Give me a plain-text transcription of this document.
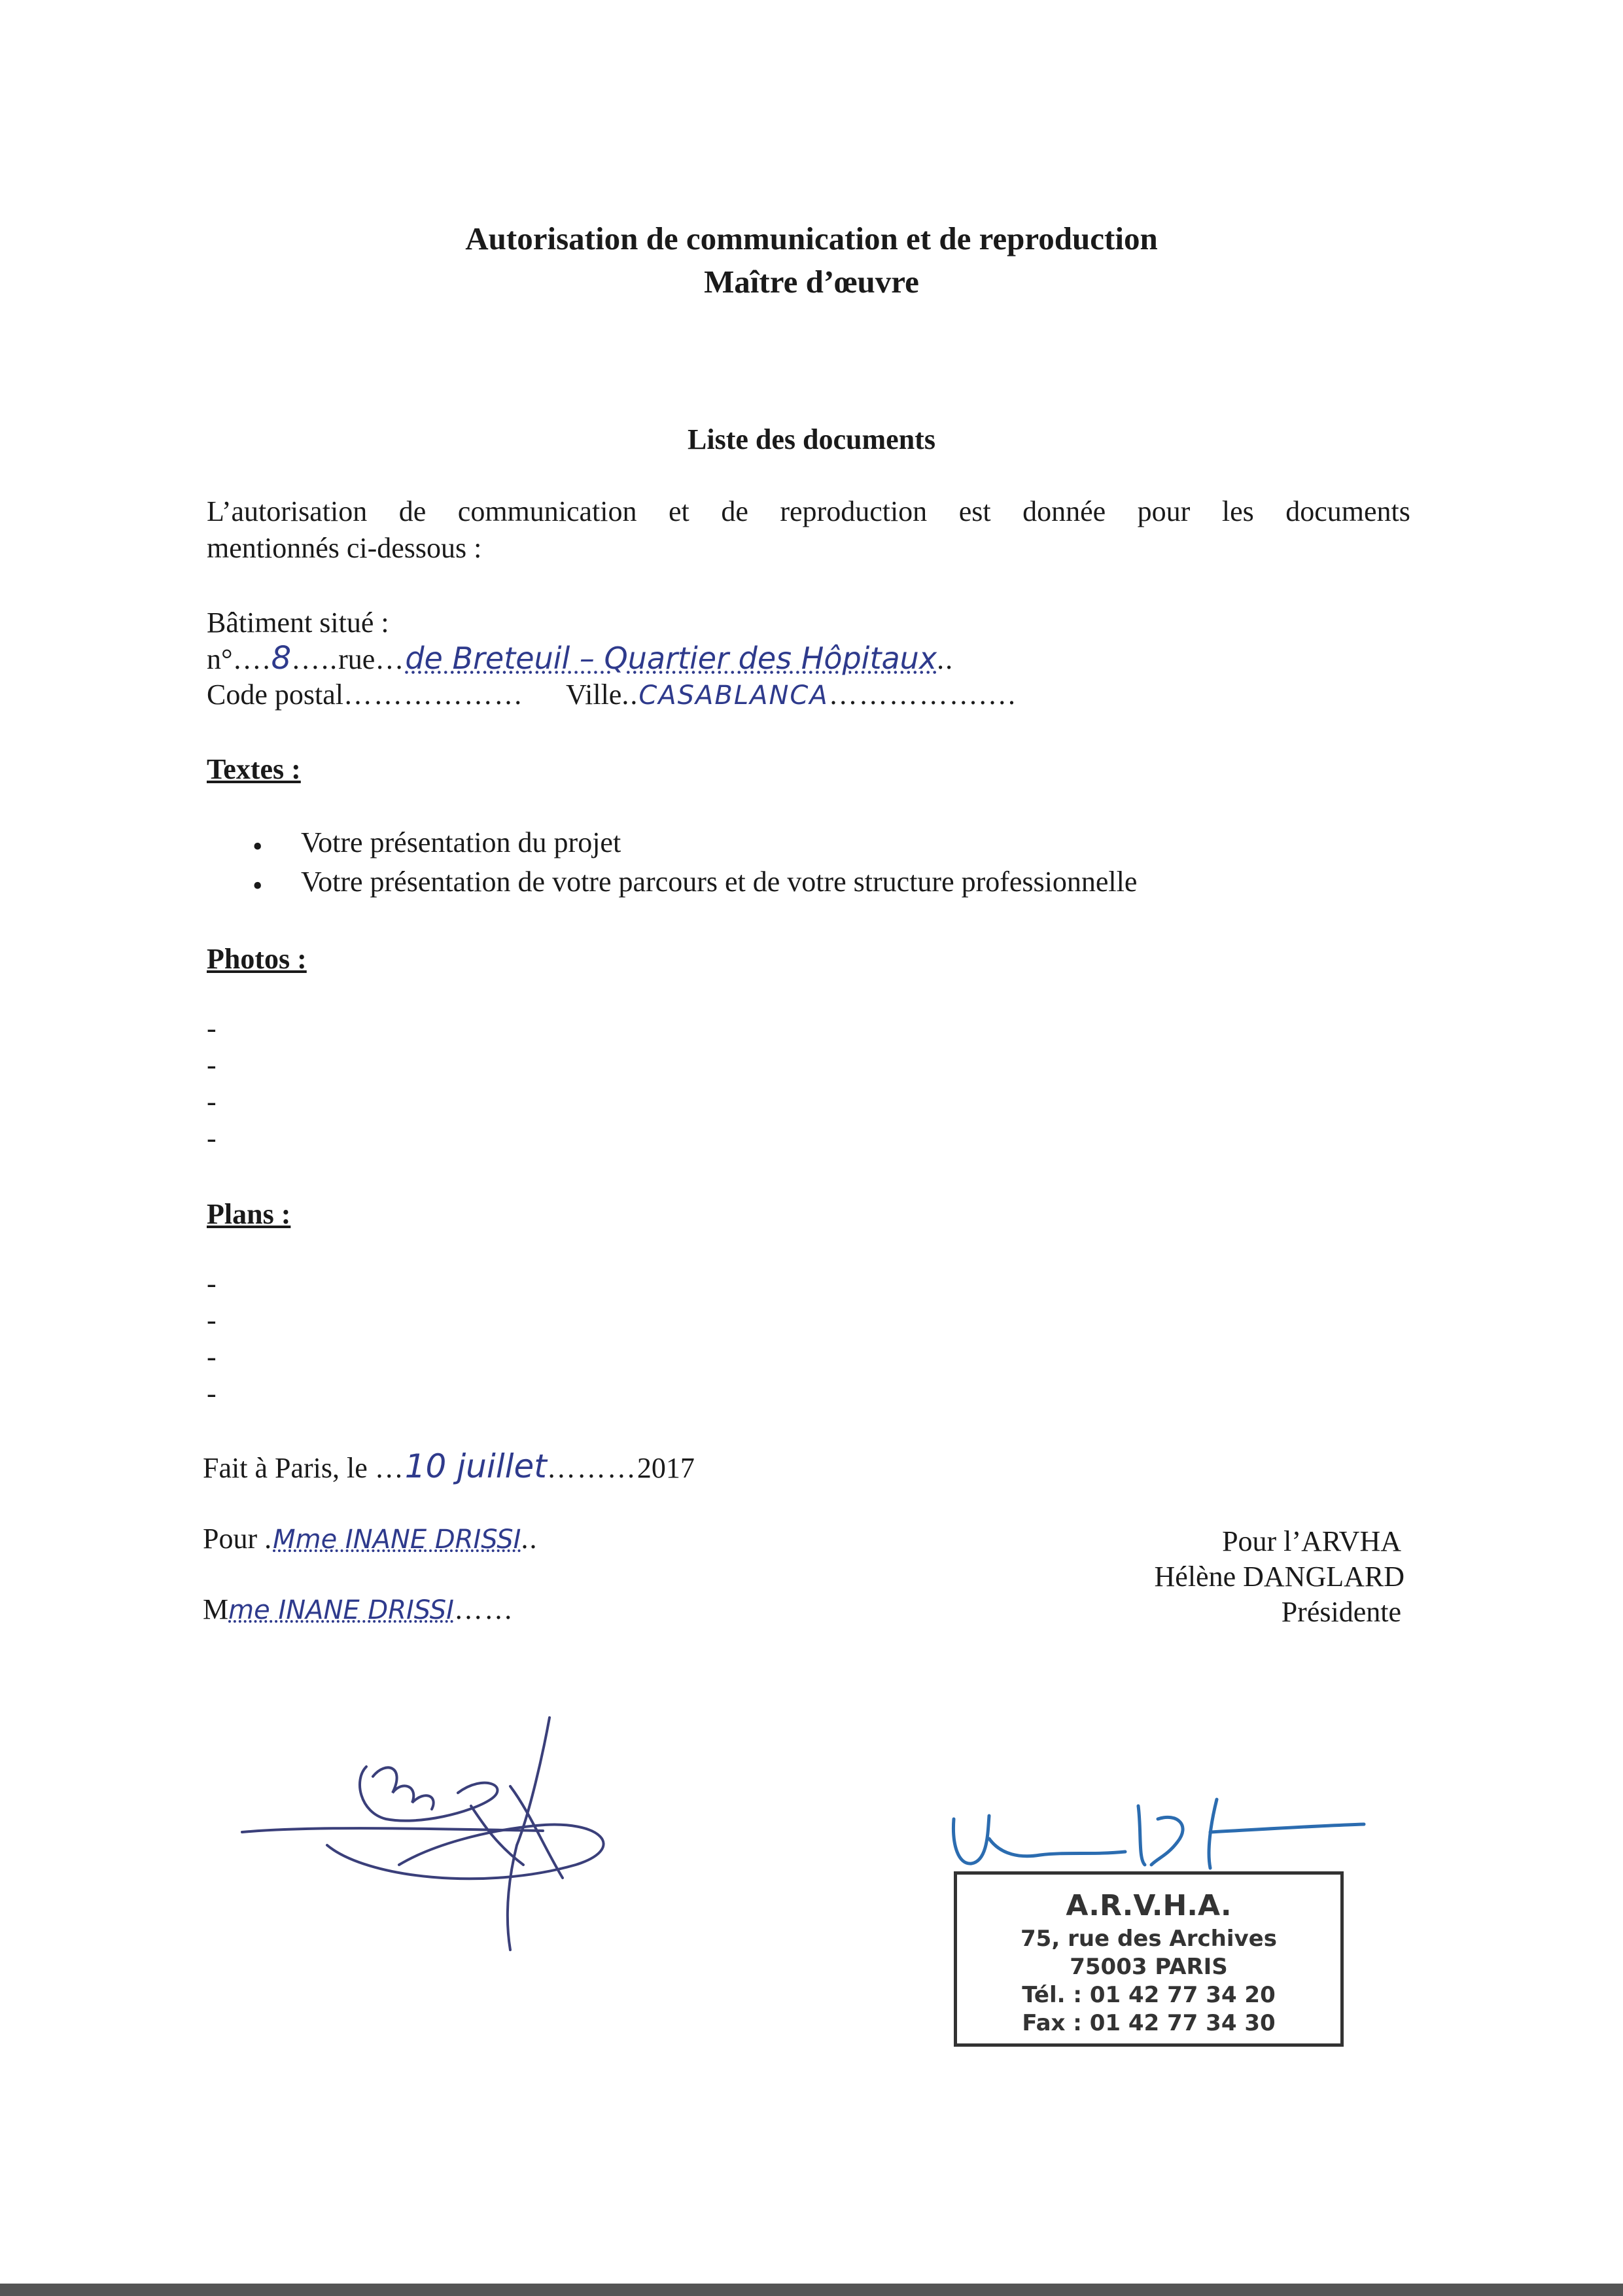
Autorisation de communication et de reproduction
Maître d’œuvre
Liste des documents
L’autorisation de communication et de reproduction est donnée pour les documents
mentionnés ci-dessous :
Bâtiment situé :
n°….8…..rue…de Breteuil – Quartier des Hôpitaux..
Code postal……………… Ville..CASABLANCA…………….…
Textes :
• Votre présentation du projet
• Votre présentation de votre parcours et de votre structure professionnelle
Photos :
-
-
-
-
Plans :
-
-
-
-
Fait à Paris, le …10 juillet………2017
Pour .Mme INANE DRISSI..
Mme INANE DRISSI……
Pour l’ARVHA
Hélène DANGLARD
Présidente
A.R.V.H.A.
75, rue des Archives
75003 PARIS
Tél. : 01 42 77 34 20
Fax : 01 42 77 34 30
